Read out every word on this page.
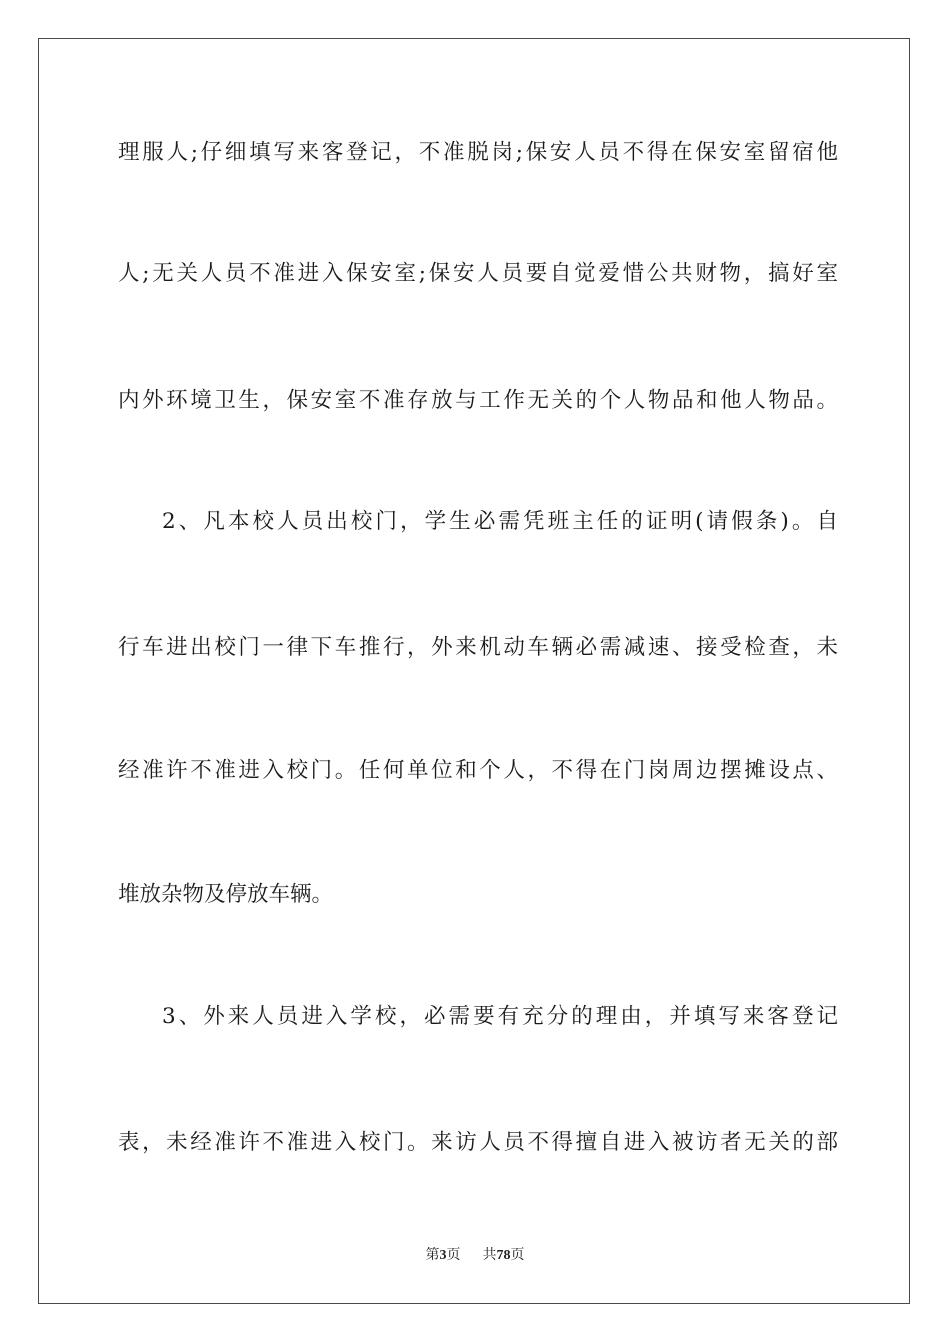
理服人;仔细填写来客登记，不准脱岗;保安人员不得在保安室留宿他
人;无关人员不准进入保安室;保安人员要自觉爱惜公共财物，搞好室
内外环境卫生，保安室不准存放与工作无关的个人物品和他人物品。
2、凡本校人员出校门，学生必需凭班主任的证明(请假条)。自
行车进出校门一律下车推行，外来机动车辆必需减速、接受检查，未
经准许不准进入校门。任何单位和个人，不得在门岗周边摆摊设点、
堆放杂物及停放车辆。
3、外来人员进入学校，必需要有充分的理由，并填写来客登记
表，未经准许不准进入校门。来访人员不得擅自进入被访者无关的部
第3页 共78页
